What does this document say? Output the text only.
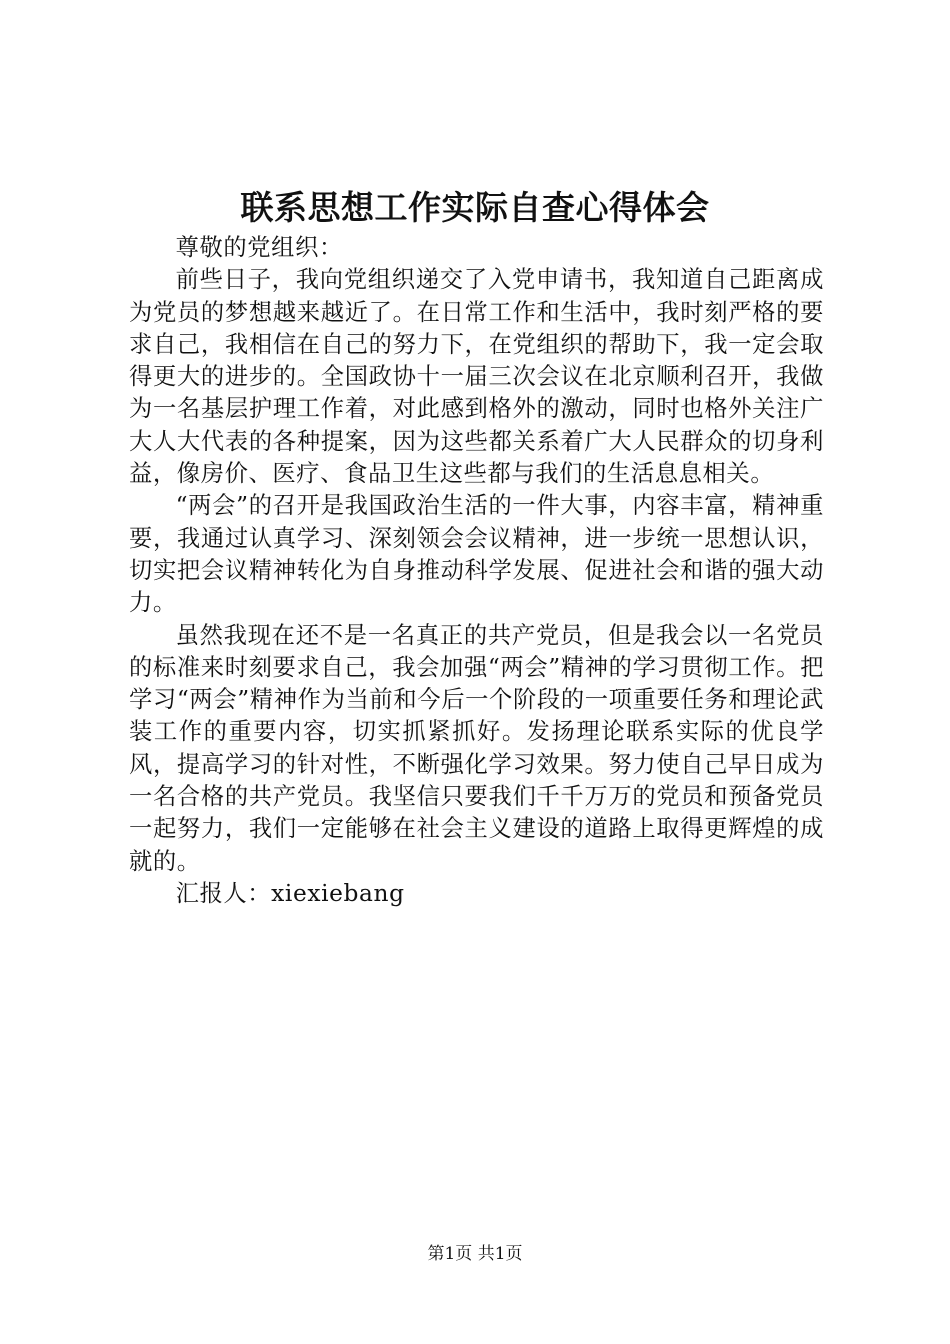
联系思想工作实际自查心得体会

尊敬的党组织：

前些日子，我向党组织递交了入党申请书，我知道自己距离成为党员的梦想越来越近了。在日常工作和生活中，我时刻严格的要求自己，我相信在自己的努力下，在党组织的帮助下，我一定会取得更大的进步的。全国政协十一届三次会议在北京顺利召开，我做为一名基层护理工作着，对此感到格外的激动，同时也格外关注广大人大代表的各种提案，因为这些都关系着广大人民群众的切身利益，像房价、医疗、食品卫生这些都与我们的生活息息相关。

“两会”的召开是我国政治生活的一件大事，内容丰富，精神重要，我通过认真学习、深刻领会会议精神，进一步统一思想认识，切实把会议精神转化为自身推动科学发展、促进社会和谐的强大动力。

虽然我现在还不是一名真正的共产党员，但是我会以一名党员的标准来时刻要求自己，我会加强“两会”精神的学习贯彻工作。把学习“两会”精神作为当前和今后一个阶段的一项重要任务和理论武装工作的重要内容，切实抓紧抓好。发扬理论联系实际的优良学风，提高学习的针对性，不断强化学习效果。努力使自己早日成为一名合格的共产党员。我坚信只要我们千千万万的党员和预备党员一起努力，我们一定能够在社会主义建设的道路上取得更辉煌的成就的。

汇报人：xiexiebang

第1页 共1页
